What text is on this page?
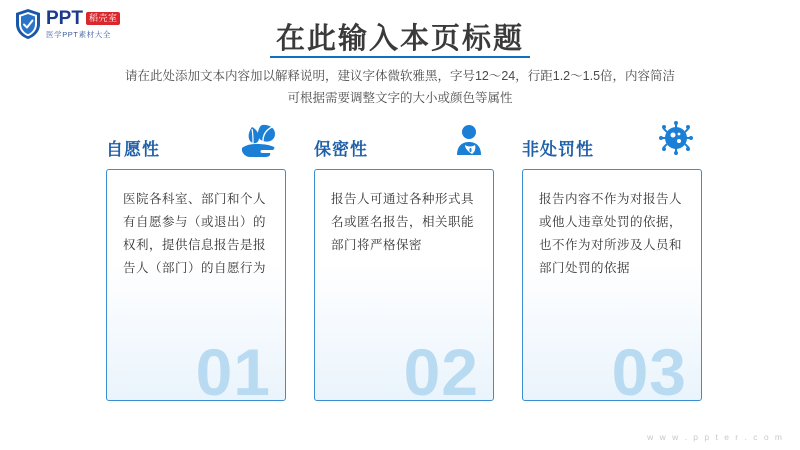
PPT 稻壳室
医学PPT素材大全	在此输入本页标题
请在此处添加文本内容加以解释说明，建议字体微软雅黑，字号12～24，行距1.2～1.5倍，内容简洁
可根据需要调整文字的大小或颜色等属性
自愿性
医院各科室、部门和个人有自愿参与（或退出）的权利，提供信息报告是报告人（部门）的自愿行为
01
保密性
报告人可通过各种形式具名或匿名报告，相关职能部门将严格保密
02
非处罚性
报告内容不作为对报告人或他人违章处罚的依据，也不作为对所涉及人员和部门处罚的依据
03
w w w . p p t e r . c o m
